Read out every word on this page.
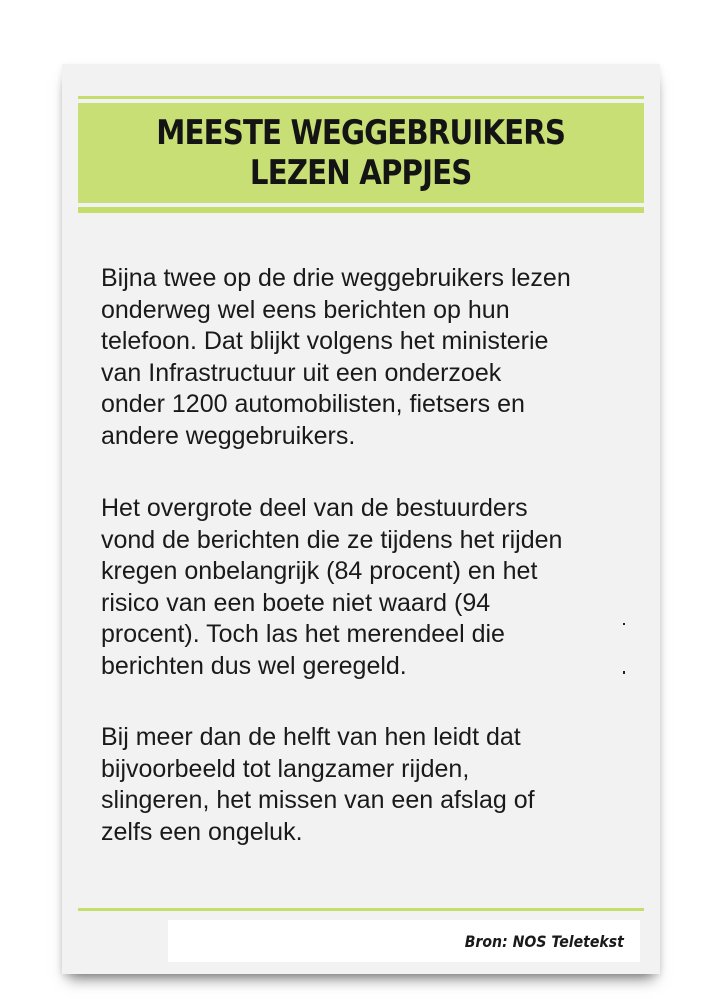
MEESTE WEGGEBRUIKERS
LEZEN APPJES

Bijna twee op de drie weggebruikers lezen
onderweg wel eens berichten op hun
telefoon. Dat blijkt volgens het ministerie
van Infrastructuur uit een onderzoek
onder 1200 automobilisten, fietsers en
andere weggebruikers.

Het overgrote deel van de bestuurders
vond de berichten die ze tijdens het rijden
kregen onbelangrijk (84 procent) en het
risico van een boete niet waard (94
procent). Toch las het merendeel die
berichten dus wel geregeld.

Bij meer dan de helft van hen leidt dat
bijvoorbeeld tot langzamer rijden,
slingeren, het missen van een afslag of
zelfs een ongeluk.

Bron: NOS Teletekst
